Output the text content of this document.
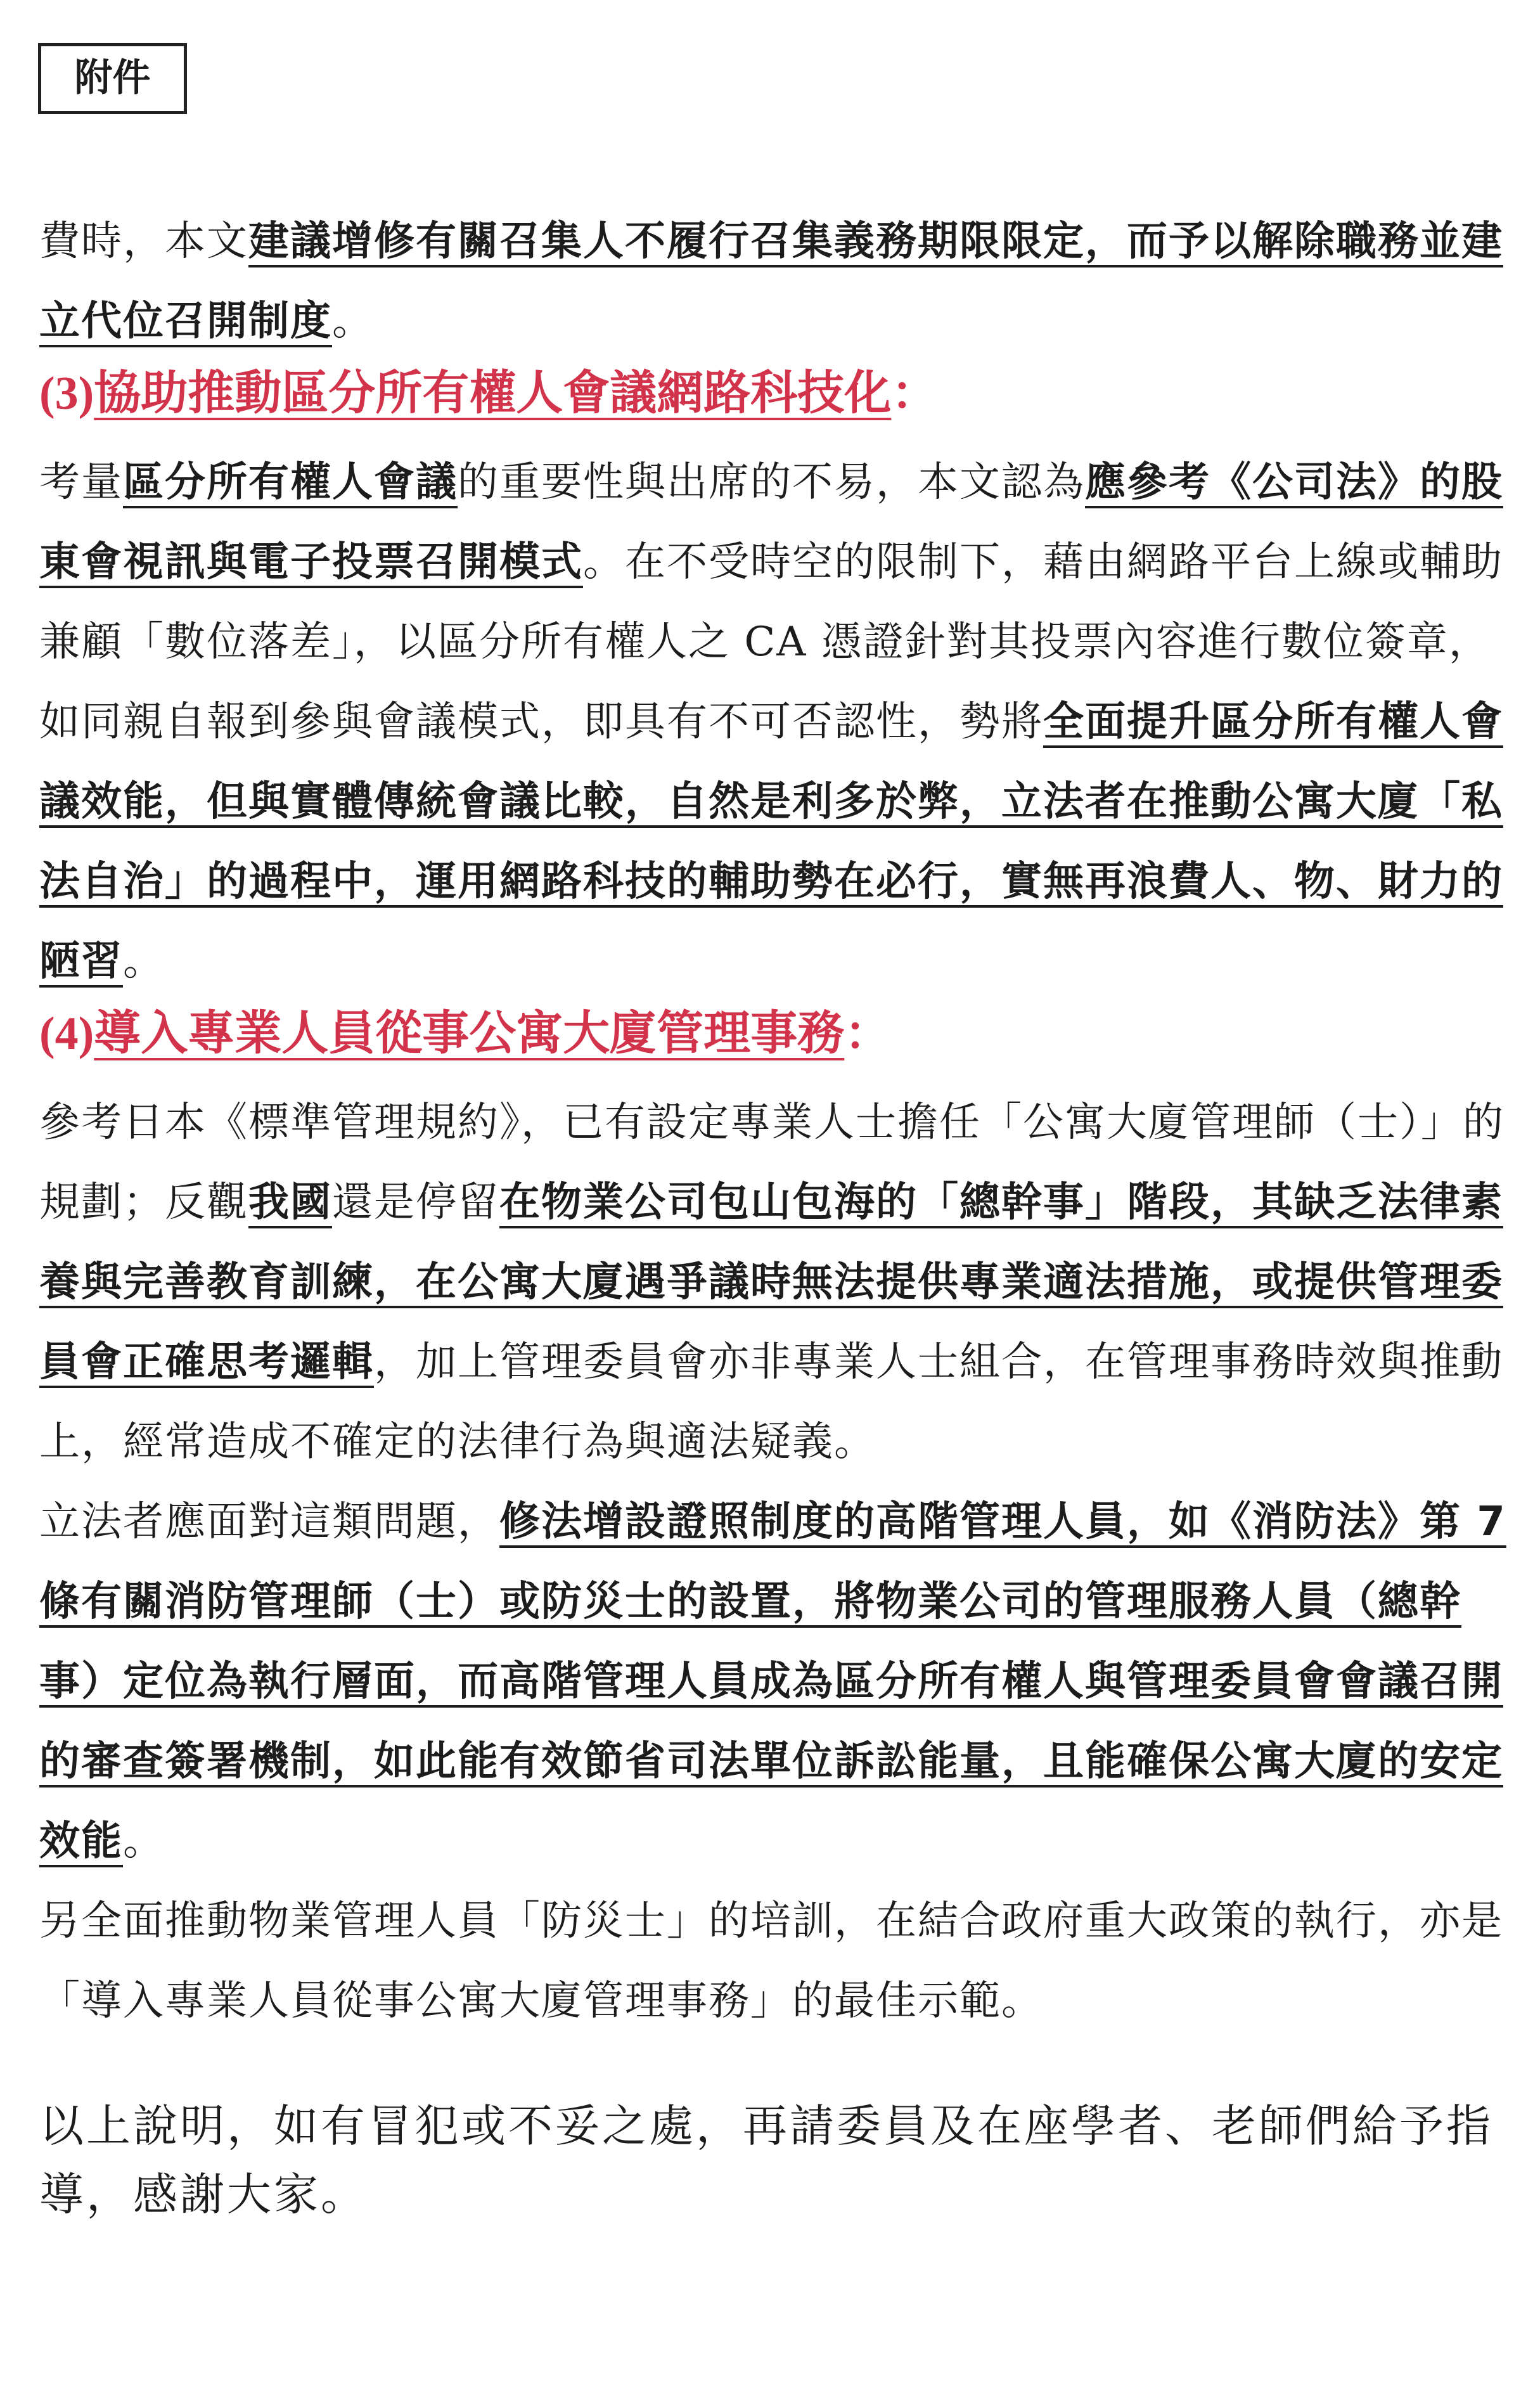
附件

費時，本文建議增修有關召集人不履行召集義務期限限定，而予以解除職務並建立代位召開制度。

(3)協助推動區分所有權人會議網路科技化：

考量區分所有權人會議的重要性與出席的不易，本文認為應參考《公司法》的股東會視訊與電子投票召開模式。在不受時空的限制下，藉由網路平台上線或輔助兼顧「數位落差」，以區分所有權人之 CA 憑證針對其投票內容進行數位簽章，如同親自報到參與會議模式，即具有不可否認性，勢將全面提升區分所有權人會議效能，但與實體傳統會議比較，自然是利多於弊，立法者在推動公寓大廈「私法自治」的過程中，運用網路科技的輔助勢在必行，實無再浪費人、物、財力的陋習。

(4)導入專業人員從事公寓大廈管理事務：

參考日本《標準管理規約》，已有設定專業人士擔任「公寓大廈管理師（士）」的規劃；反觀我國還是停留在物業公司包山包海的「總幹事」階段，其缺乏法律素養與完善教育訓練，在公寓大廈遇爭議時無法提供專業適法措施，或提供管理委員會正確思考邏輯，加上管理委員會亦非專業人士組合，在管理事務時效與推動上，經常造成不確定的法律行為與適法疑義。

立法者應面對這類問題，修法增設證照制度的高階管理人員，如《消防法》第 7 條有關消防管理師（士）或防災士的設置，將物業公司的管理服務人員（總幹事）定位為執行層面，而高階管理人員成為區分所有權人與管理委員會會議召開的審查簽署機制，如此能有效節省司法單位訴訟能量，且能確保公寓大廈的安定效能。

另全面推動物業管理人員「防災士」的培訓，在結合政府重大政策的執行，亦是「導入專業人員從事公寓大廈管理事務」的最佳示範。

以上說明，如有冒犯或不妥之處，再請委員及在座學者、老師們給予指導，感謝大家。
